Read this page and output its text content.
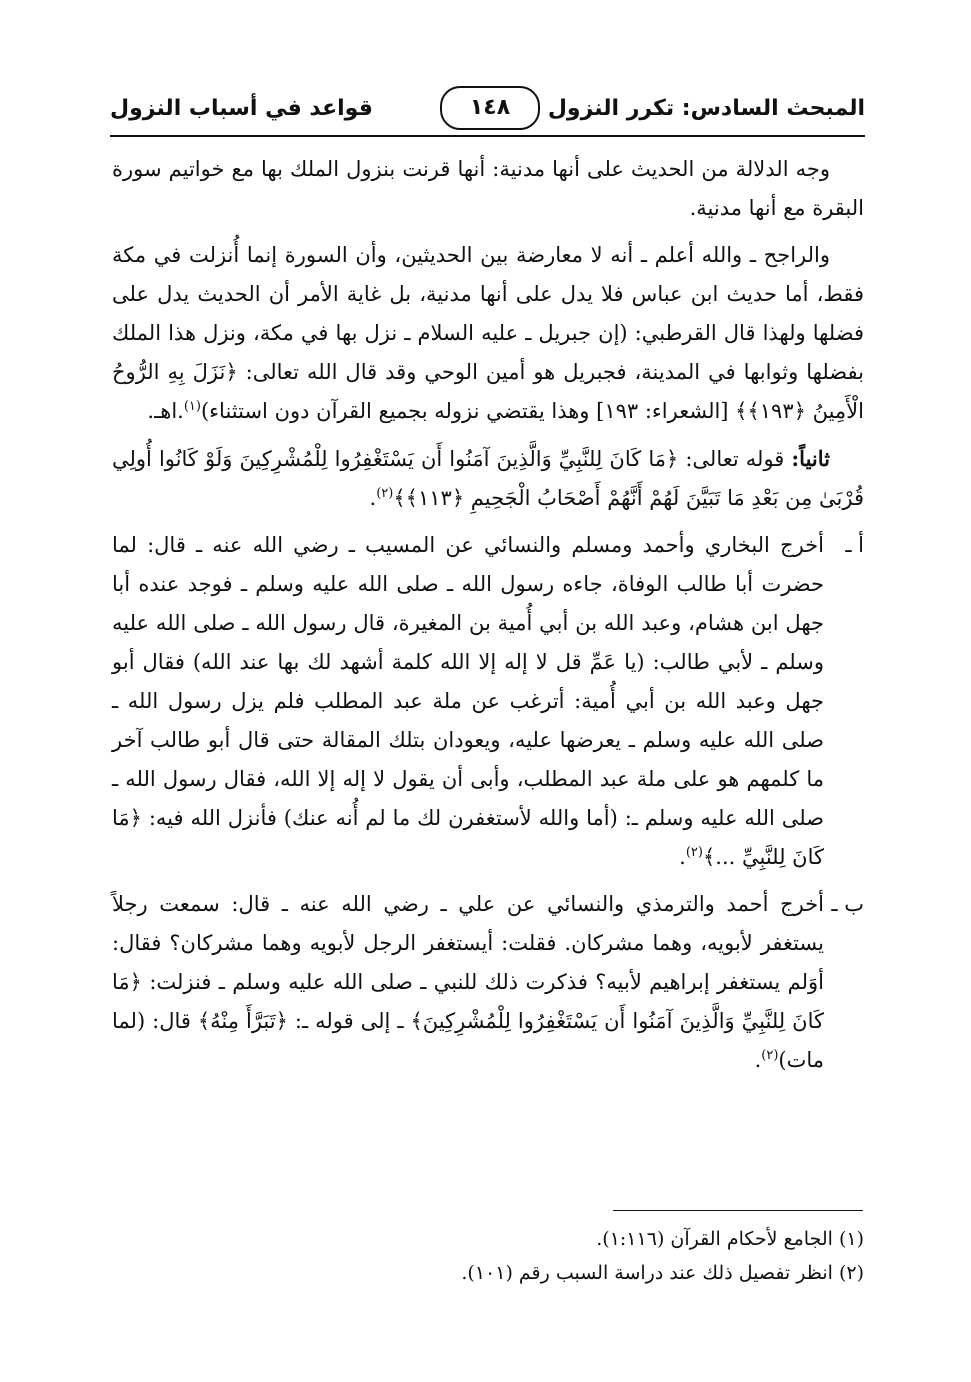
المبحث السادس: تكرر النزول
١٤٨
قواعد في أسباب النزول

وجه الدلالة من الحديث على أنها مدنية: أنها قرنت بنزول الملك بها مع خواتيم سورة البقرة مع أنها مدنية.

والراجح ـ والله أعلم ـ أنه لا معارضة بين الحديثين، وأن السورة إنما أُنزلت في مكة فقط، أما حديث ابن عباس فلا يدل على أنها مدنية، بل غاية الأمر أن الحديث يدل على فضلها ولهذا قال القرطبي: (إن جبريل ـ عليه السلام ـ نزل بها في مكة، ونزل هذا الملك بفضلها وثوابها في المدينة، فجبريل هو أمين الوحي وقد قال الله تعالى: ﴿نَزَلَ بِهِ الرُّوحُ الْأَمِينُ ﴿١٩٣﴾﴾ [الشعراء: ١٩٣] وهذا يقتضي نزوله بجميع القرآن دون استثناء)$^{(١)}$.اهـ.

ثانياً: قوله تعالى: ﴿مَا كَانَ لِلنَّبِيِّ وَالَّذِينَ آمَنُوا أَن يَسْتَغْفِرُوا لِلْمُشْرِكِينَ وَلَوْ كَانُوا أُولِي قُرْبَىٰ مِن بَعْدِ مَا تَبَيَّنَ لَهُمْ أَنَّهُمْ أَصْحَابُ الْجَحِيمِ ﴿١١٣﴾﴾$^{(٢)}$.

أ ـ
أخرج البخاري وأحمد ومسلم والنسائي عن المسيب ـ رضي الله عنه ـ قال: لما حضرت أبا طالب الوفاة، جاءه رسول الله ـ صلى الله عليه وسلم ـ فوجد عنده أبا جهل ابن هشام، وعبد الله بن أبي أُمية بن المغيرة، قال رسول الله ـ صلى الله عليه وسلم ـ لأبي طالب: (يا عَمِّ قل لا إله إلا الله كلمة أشهد لك بها عند الله) فقال أبو جهل وعبد الله بن أبي أُمية: أترغب عن ملة عبد المطلب فلم يزل رسول الله ـ صلى الله عليه وسلم ـ يعرضها عليه، ويعودان بتلك المقالة حتى قال أبو طالب آخر ما كلمهم هو على ملة عبد المطلب، وأبى أن يقول لا إله إلا الله، فقال رسول الله ـ صلى الله عليه وسلم ـ: (أما والله لأستغفرن لك ما لم أُنه عنك) فأنزل الله فيه: ﴿مَا كَانَ لِلنَّبِيِّ ...﴾$^{(٢)}$.
ب ـ
أخرج أحمد والترمذي والنسائي عن علي ـ رضي الله عنه ـ قال: سمعت رجلاً يستغفر لأبويه، وهما مشركان. فقلت: أيستغفر الرجل لأبويه وهما مشركان؟ فقال: أوَلم يستغفر إبراهيم لأبيه؟ فذكرت ذلك للنبي ـ صلى الله عليه وسلم ـ فنزلت: ﴿مَا كَانَ لِلنَّبِيِّ وَالَّذِينَ آمَنُوا أَن يَسْتَغْفِرُوا لِلْمُشْرِكِينَ﴾ ـ إلى قوله ـ: ﴿تَبَرَّأَ مِنْهُ﴾ قال: (لما مات)$^{(٢)}$.

(١) الجامع لأحكام القرآن (١:١١٦).

(٢) انظر تفصيل ذلك عند دراسة السبب رقم (١٠١).
